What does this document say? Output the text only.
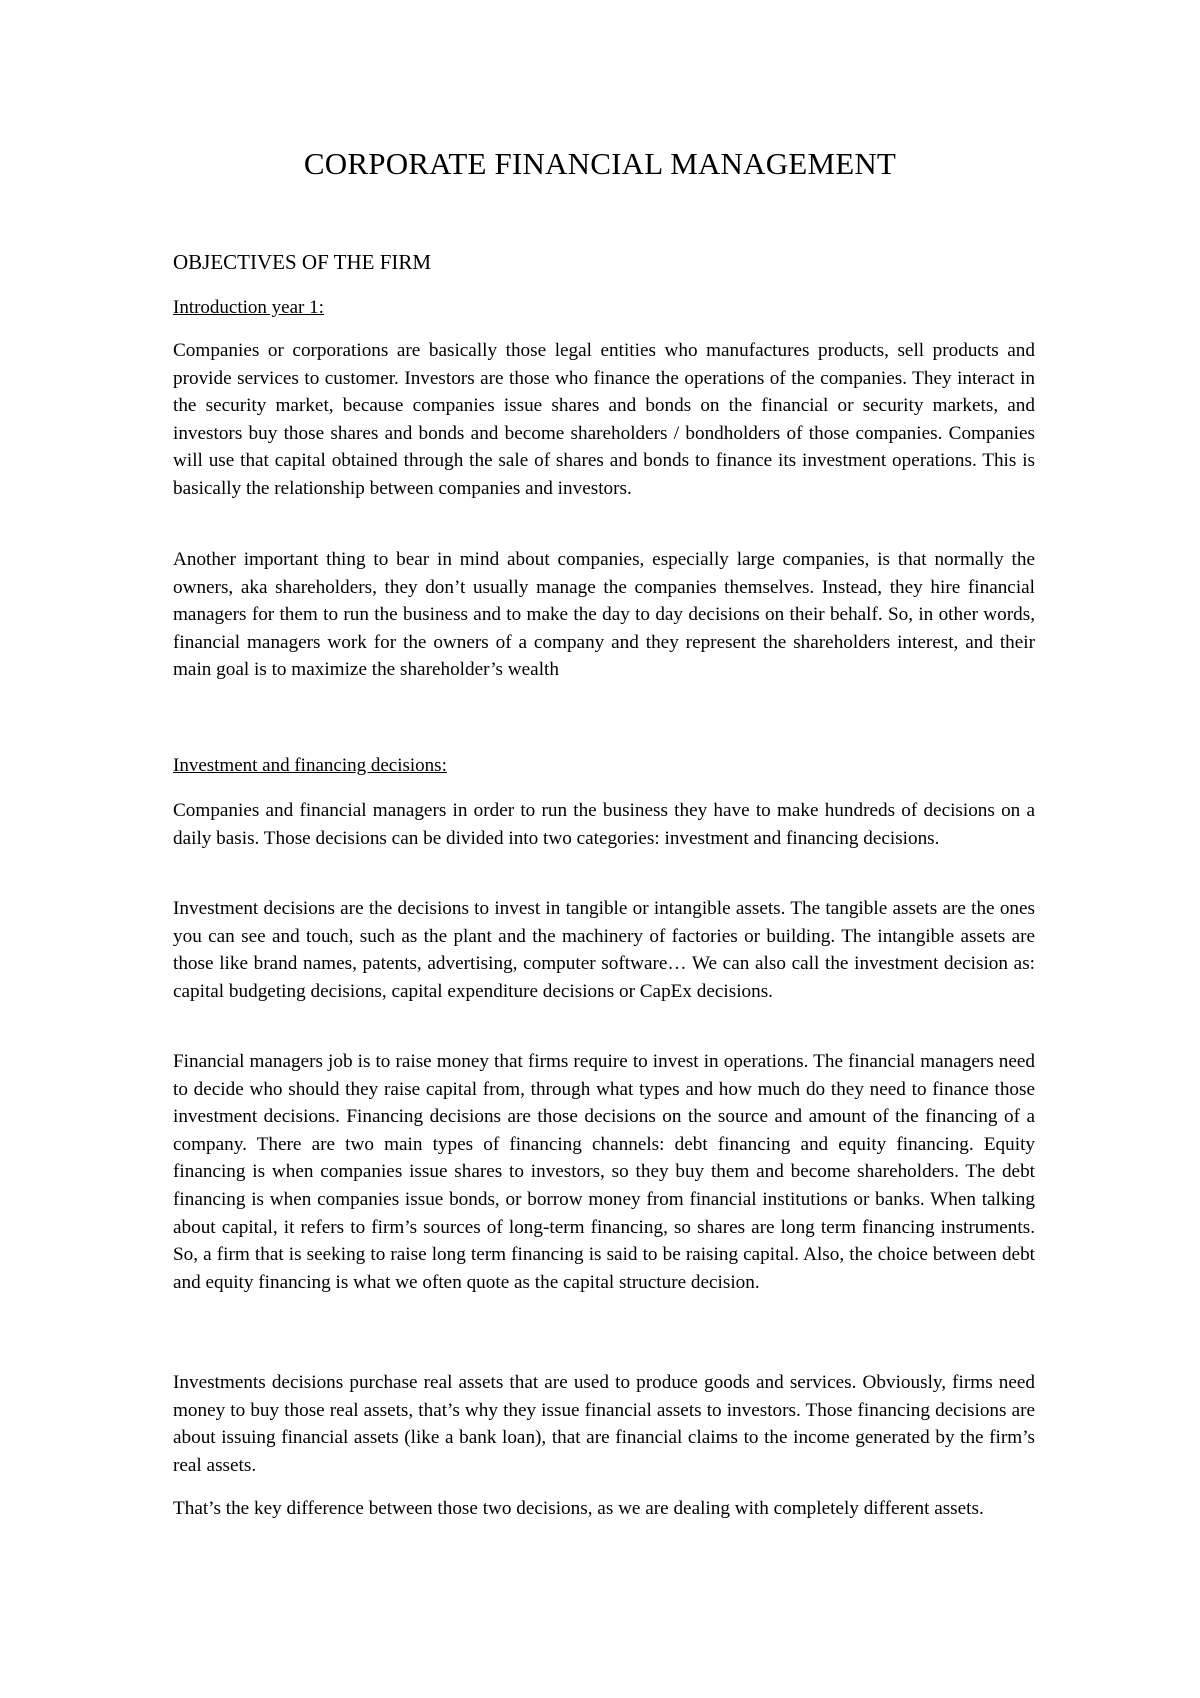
CORPORATE FINANCIAL MANAGEMENT
OBJECTIVES OF THE FIRM

Introduction year 1:

Companies or corporations are basically those legal entities who manufactures products, sell products and provide services to customer. Investors are those who finance the operations of the companies. They interact in the security market, because companies issue shares and bonds on the financial or security markets, and investors buy those shares and bonds and become shareholders / bondholders of those companies. Companies will use that capital obtained through the sale of shares and bonds to finance its investment operations. This is basically the relationship between companies and investors.

Another important thing to bear in mind about companies, especially large companies, is that normally the owners, aka shareholders, they don’t usually manage the companies themselves. Instead, they hire financial managers for them to run the business and to make the day to day decisions on their behalf. So, in other words, financial managers work for the owners of a company and they represent the shareholders interest, and their main goal is to maximize the shareholder’s wealth

Investment and financing decisions:

Companies and financial managers in order to run the business they have to make hundreds of decisions on a daily basis. Those decisions can be divided into two categories: investment and financing decisions.

Investment decisions are the decisions to invest in tangible or intangible assets. The tangible assets are the ones you can see and touch, such as the plant and the machinery of factories or building. The intangible assets are those like brand names, patents, advertising, computer software… We can also call the investment decision as: capital budgeting decisions, capital expenditure decisions or CapEx decisions.

Financial managers job is to raise money that firms require to invest in operations. The financial managers need to decide who should they raise capital from, through what types and how much do they need to finance those investment decisions. Financing decisions are those decisions on the source and amount of the financing of a company. There are two main types of financing channels: debt financing and equity financing. Equity financing is when companies issue shares to investors, so they buy them and become shareholders. The debt financing is when companies issue bonds, or borrow money from financial institutions or banks. When talking about capital, it refers to firm’s sources of long-term financing, so shares are long term financing instruments. So, a firm that is seeking to raise long term financing is said to be raising capital. Also, the choice between debt and equity financing is what we often quote as the capital structure decision.

Investments decisions purchase real assets that are used to produce goods and services. Obviously, firms need money to buy those real assets, that’s why they issue financial assets to investors. Those financing decisions are about issuing financial assets (like a bank loan), that are financial claims to the income generated by the firm’s real assets.

That’s the key difference between those two decisions, as we are dealing with completely different assets.
